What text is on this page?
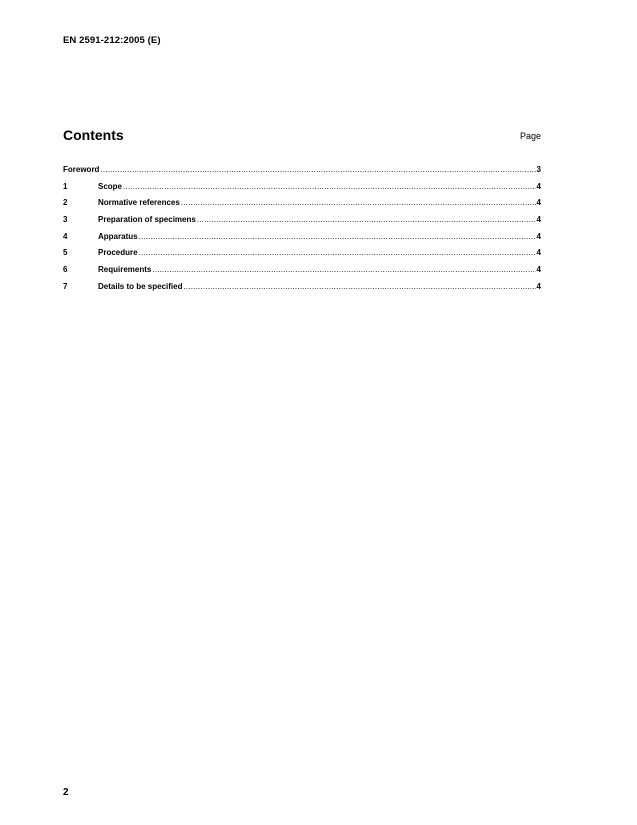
EN 2591-212:2005 (E)
Contents	Page
Foreword .....	3
1	Scope .....	4
2	Normative references .....	4
3	Preparation of specimens .....	4
4	Apparatus .....	4
5	Procedure .....	4
6	Requirements .....	4
7	Details to be specified .....	4
2
